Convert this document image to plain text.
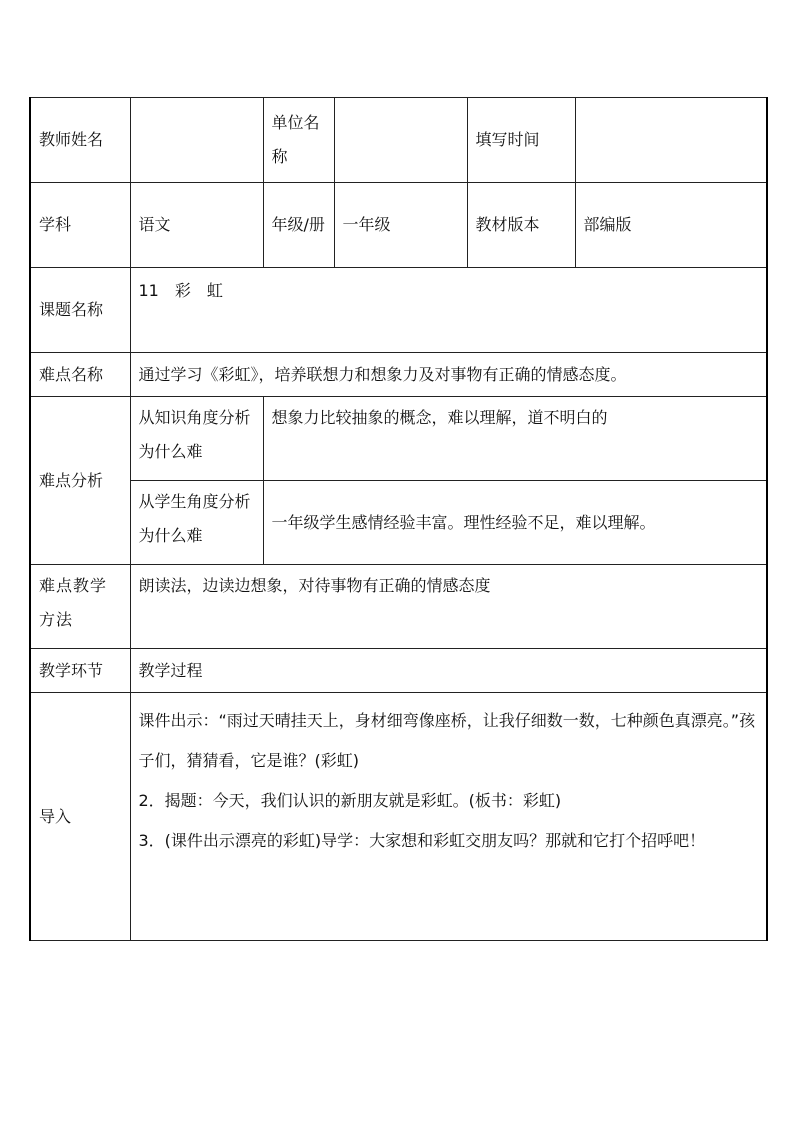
教师姓名		单位名称		填写时间	
学科	语文	年级/册	一年级	教材版本	部编版
课题名称	11　彩　虹				
难点名称	通过学习《彩虹》，培养联想力和想象力及对事物有正确的情感态度。				
难点分析	从知识角度分析为什么难	想象力比较抽象的概念，难以理解，道不明白的			
	从学生角度分析为什么难	一年级学生感情经验丰富。理性经验不足，难以理解。			
难点教学方法	朗读法，边读边想象，对待事物有正确的情感态度				
教学环节	教学过程				
导入	课件出示：“雨过天晴挂天上，身材细弯像座桥，让我仔细数一数，七种颜色真漂亮。”孩子们，猜猜看，它是谁？(彩虹)
2．揭题：今天，我们认识的新朋友就是彩虹。(板书：彩虹)
3．(课件出示漂亮的彩虹)导学：大家想和彩虹交朋友吗？那就和它打个招呼吧！				
